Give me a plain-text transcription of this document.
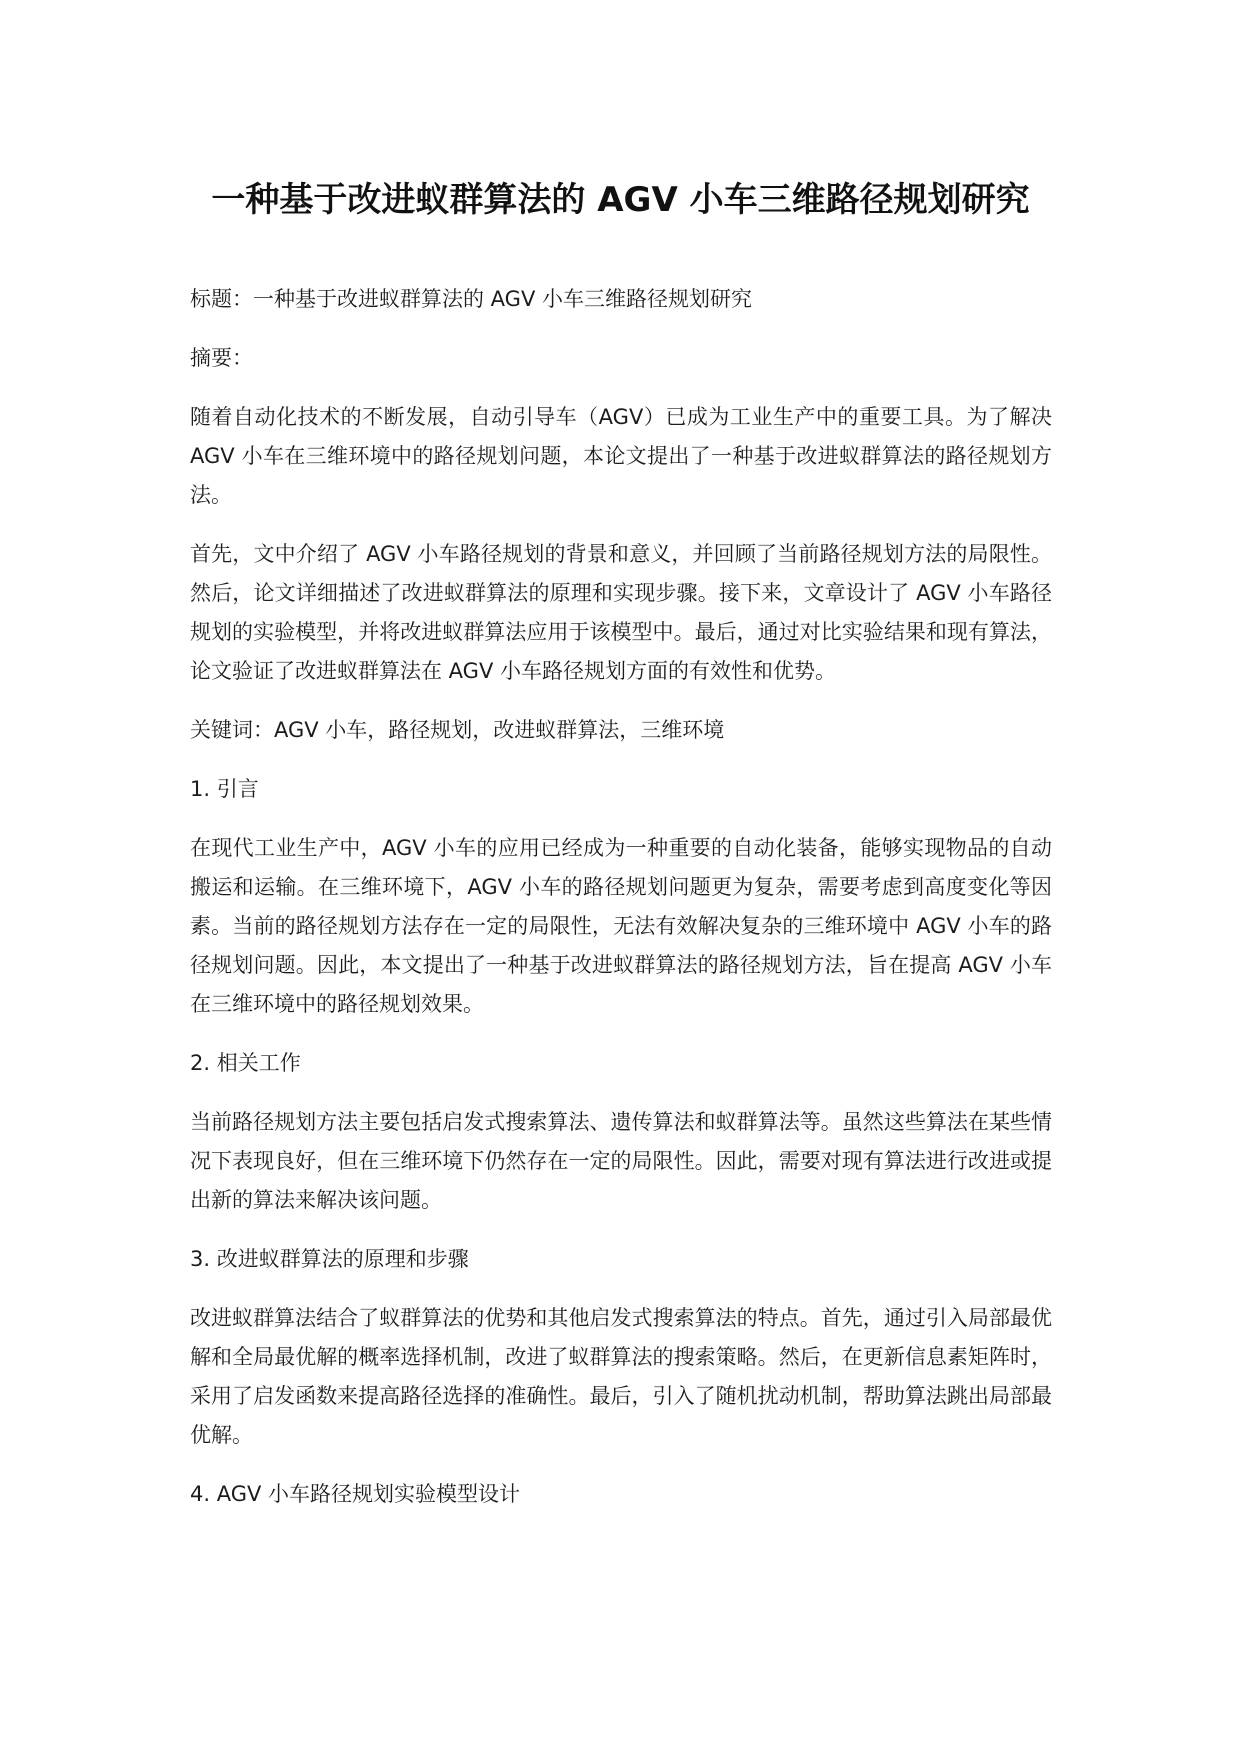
一种基于改进蚁群算法的 AGV 小车三维路径规划研究

标题：一种基于改进蚁群算法的 AGV 小车三维路径规划研究

摘要：

随着自动化技术的不断发展，自动引导车（AGV）已成为工业生产中的重要工具。为了解决 AGV 小车在三维环境中的路径规划问题，本论文提出了一种基于改进蚁群算法的路径规划方法。

首先，文中介绍了 AGV 小车路径规划的背景和意义，并回顾了当前路径规划方法的局限性。然后，论文详细描述了改进蚁群算法的原理和实现步骤。接下来，文章设计了 AGV 小车路径规划的实验模型，并将改进蚁群算法应用于该模型中。最后，通过对比实验结果和现有算法，论文验证了改进蚁群算法在 AGV 小车路径规划方面的有效性和优势。

关键词：AGV 小车，路径规划，改进蚁群算法，三维环境

1. 引言

在现代工业生产中，AGV 小车的应用已经成为一种重要的自动化装备，能够实现物品的自动搬运和运输。在三维环境下，AGV 小车的路径规划问题更为复杂，需要考虑到高度变化等因素。当前的路径规划方法存在一定的局限性，无法有效解决复杂的三维环境中 AGV 小车的路径规划问题。因此，本文提出了一种基于改进蚁群算法的路径规划方法，旨在提高 AGV 小车在三维环境中的路径规划效果。

2. 相关工作

当前路径规划方法主要包括启发式搜索算法、遗传算法和蚁群算法等。虽然这些算法在某些情况下表现良好，但在三维环境下仍然存在一定的局限性。因此，需要对现有算法进行改进或提出新的算法来解决该问题。

3. 改进蚁群算法的原理和步骤

改进蚁群算法结合了蚁群算法的优势和其他启发式搜索算法的特点。首先，通过引入局部最优解和全局最优解的概率选择机制，改进了蚁群算法的搜索策略。然后，在更新信息素矩阵时，采用了启发函数来提高路径选择的准确性。最后，引入了随机扰动机制，帮助算法跳出局部最优解。

4. AGV 小车路径规划实验模型设计
